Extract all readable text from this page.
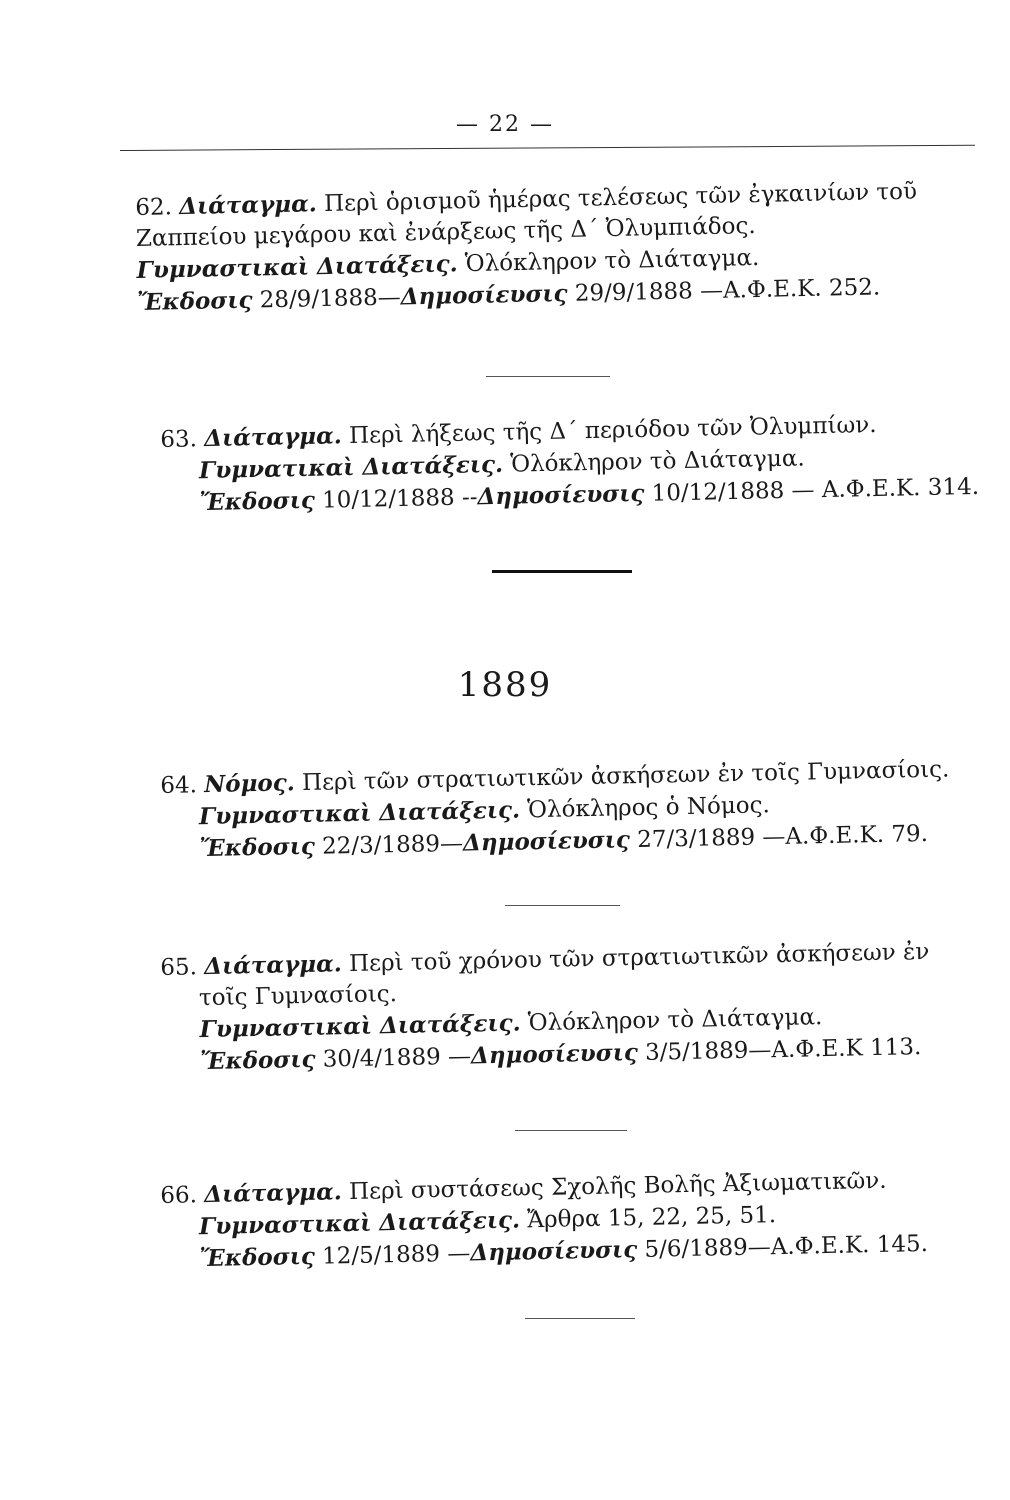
— 22 —
62. Διάταγμα. Περὶ ὁρισμοῦ ἡμέρας τελέσεως τῶν ἐγκαινίων τοῦ
Ζαππείου μεγάρου καὶ ἐνάρξεως τῆς Δ΄ Ὀλυμπιάδος.
Γυμναστικαὶ Διατάξεις. Ὁλόκληρον τὸ Διάταγμα.
Ἔκδοσις 28/9/1888—Δημοσίευσις 29/9/1888 —Α.Φ.Ε.Κ. 252.
63. Διάταγμα. Περὶ λήξεως τῆς Δ΄ περιόδου τῶν Ὀλυμπίων.
Γυμνατικαὶ Διατάξεις. Ὁλόκληρον τὸ Διάταγμα.
Ἔκδοσις 10/12/1888 --Δημοσίευσις 10/12/1888 — Α.Φ.Ε.Κ. 314.
1889
64. Νόμος. Περὶ τῶν στρατιωτικῶν ἀσκήσεων ἐν τοῖς Γυμνασίοις.
Γυμναστικαὶ Διατάξεις. Ὁλόκληρος ὁ Νόμος.
Ἔκδοσις 22/3/1889—Δημοσίευσις 27/3/1889 —Α.Φ.Ε.Κ. 79.
65. Διάταγμα. Περὶ τοῦ χρόνου τῶν στρατιωτικῶν ἀσκήσεων ἐν
τοῖς Γυμνασίοις.
Γυμναστικαὶ Διατάξεις. Ὁλόκληρον τὸ Διάταγμα.
Ἔκδοσις 30/4/1889 —Δημοσίευσις 3/5/1889—Α.Φ.Ε.Κ 113.
66. Διάταγμα. Περὶ συστάσεως Σχολῆς Βολῆς Ἀξιωματικῶν.
Γυμναστικαὶ Διατάξεις. Ἄρθρα 15, 22, 25, 51.
Ἔκδοσις 12/5/1889 —Δημοσίευσις 5/6/1889—Α.Φ.Ε.Κ. 145.
